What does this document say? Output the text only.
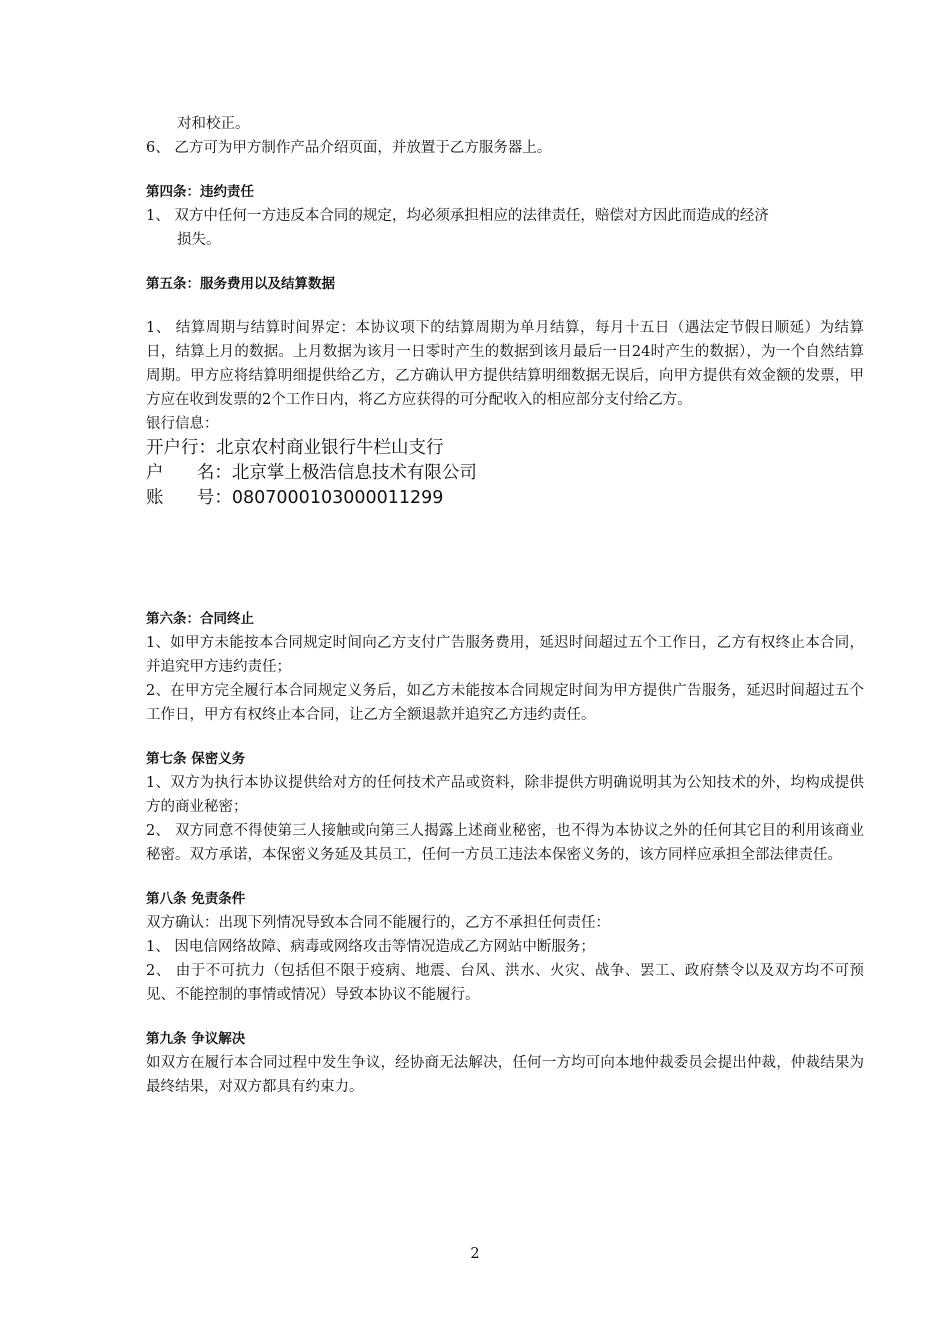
对和校正。
6、 乙方可为甲方制作产品介绍页面，并放置于乙方服务器上。
第四条：违约责任
1、 双方中任何一方违反本合同的规定，均必须承担相应的法律责任，赔偿对方因此而造成的经济
损失。
第五条：服务费用以及结算数据
1、 结算周期与结算时间界定：本协议项下的结算周期为单月结算，每月十五日（遇法定节假日顺延）为结算日，结算上月的数据。上月数据为该月一日零时产生的数据到该月最后一日24时产生的数据），为一个自然结算周期。甲方应将结算明细提供给乙方，乙方确认甲方提供结算明细数据无误后，向甲方提供有效金额的发票，甲方应在收到发票的2个工作日内，将乙方应获得的可分配收入的相应部分支付给乙方。
银行信息：
开户行：北京农村商业银行牛栏山支行
户      名：北京掌上极浩信息技术有限公司
账      号：0807000103000011299
第六条：合同终止
1、如甲方未能按本合同规定时间向乙方支付广告服务费用，延迟时间超过五个工作日，乙方有权终止本合同，并追究甲方违约责任；
2、在甲方完全履行本合同规定义务后，如乙方未能按本合同规定时间为甲方提供广告服务，延迟时间超过五个工作日，甲方有权终止本合同，让乙方全额退款并追究乙方违约责任。
第七条 保密义务
1、双方为执行本协议提供给对方的任何技术产品或资料，除非提供方明确说明其为公知技术的外，均构成提供方的商业秘密；
2、 双方同意不得使第三人接触或向第三人揭露上述商业秘密，也不得为本协议之外的任何其它目的利用该商业秘密。双方承诺，本保密义务延及其员工，任何一方员工违法本保密义务的，该方同样应承担全部法律责任。
第八条 免责条件
双方确认：出现下列情况导致本合同不能履行的，乙方不承担任何责任：
1、 因电信网络故障、病毒或网络攻击等情况造成乙方网站中断服务；
2、 由于不可抗力（包括但不限于疫病、地震、台风、洪水、火灾、战争、罢工、政府禁令以及双方均不可预见、不能控制的事情或情况）导致本协议不能履行。
第九条 争议解决
如双方在履行本合同过程中发生争议，经协商无法解决，任何一方均可向本地仲裁委员会提出仲裁，仲裁结果为最终结果，对双方都具有约束力。
2
